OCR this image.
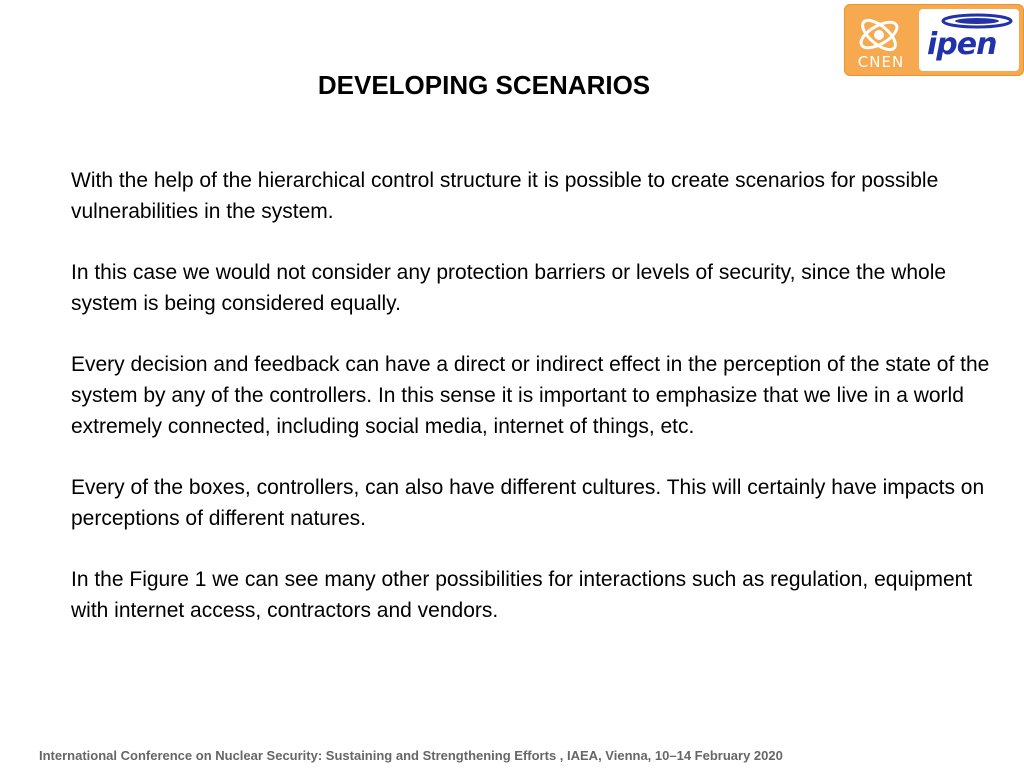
CNEN ipen
DEVELOPING SCENARIOS

With the help of the hierarchical control structure it is possible to create scenarios for possible vulnerabilities in the system.

In this case we would not consider any protection barriers or levels of security, since the whole system is being considered equally.

Every decision and feedback can have a direct or indirect effect in the perception of the state of the system by any of the controllers. In this sense it is important to emphasize that we live in a world extremely connected, including social media, internet of things, etc.

Every of the boxes, controllers, can also have different cultures. This will certainly have impacts on perceptions of different natures.

In the Figure 1 we can see many other possibilities for interactions such as regulation, equipment with internet access, contractors and vendors.

International Conference on Nuclear Security: Sustaining and Strengthening Efforts , IAEA, Vienna, 10–14 February 2020
